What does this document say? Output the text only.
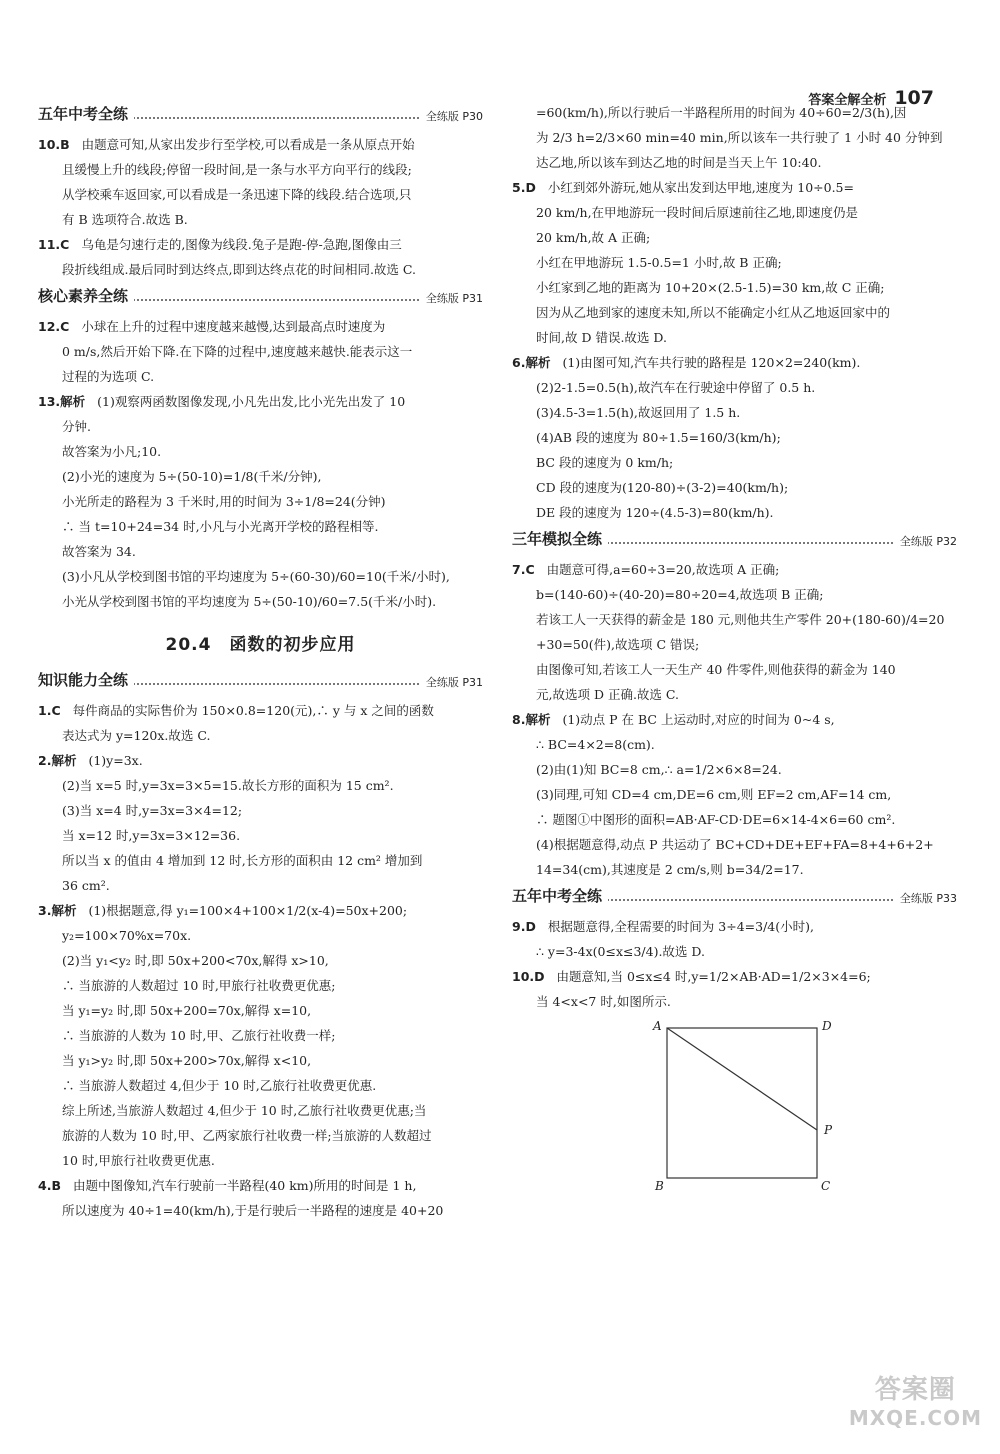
答案全解全析 107
五年中考全练	全练版 P30
10.B 由题意可知,从家出发步行至学校,可以看成是一条从原点开始
且缓慢上升的线段;停留一段时间,是一条与水平方向平行的线段;
从学校乘车返回家,可以看成是一条迅速下降的线段.结合选项,只
有 B 选项符合.故选 B.
11.C 乌龟是匀速行走的,图像为线段.兔子是跑-停-急跑,图像由三
段折线组成.最后同时到达终点,即到达终点花的时间相同.故选 C.
核心素养全练	全练版 P31
12.C 小球在上升的过程中速度越来越慢,达到最高点时速度为
0 m/s,然后开始下降.在下降的过程中,速度越来越快.能表示这一
过程的为选项 C.
13.解析 (1)观察两函数图像发现,小凡先出发,比小光先出发了 10
分钟.
故答案为小凡;10.
(2)小光的速度为 5÷(50-10)=1/8(千米/分钟),
小光所走的路程为 3 千米时,用的时间为 3÷1/8=24(分钟)
∴ 当 t=10+24=34 时,小凡与小光离开学校的路程相等.
故答案为 34.
(3)小凡从学校到图书馆的平均速度为 5÷(60-30)/60=10(千米/小时),
小光从学校到图书馆的平均速度为 5÷(50-10)/60=7.5(千米/小时).
20.4　函数的初步应用
知识能力全练	全练版 P31
1.C 每件商品的实际售价为 150×0.8=120(元),∴ y 与 x 之间的函数
表达式为 y=120x.故选 C.
2.解析 (1)y=3x.
(2)当 x=5 时,y=3x=3×5=15.故长方形的面积为 15 cm².
(3)当 x=4 时,y=3x=3×4=12;
当 x=12 时,y=3x=3×12=36.
所以当 x 的值由 4 增加到 12 时,长方形的面积由 12 cm² 增加到
36 cm².
3.解析 (1)根据题意,得 y₁=100×4+100×1/2(x-4)=50x+200;
y₂=100×70%x=70x.
(2)当 y₁<y₂ 时,即 50x+200<70x,解得 x>10,
∴ 当旅游的人数超过 10 时,甲旅行社收费更优惠;
当 y₁=y₂ 时,即 50x+200=70x,解得 x=10,
∴ 当旅游的人数为 10 时,甲、乙旅行社收费一样;
当 y₁>y₂ 时,即 50x+200>70x,解得 x<10,
∴ 当旅游人数超过 4,但少于 10 时,乙旅行社收费更优惠.
综上所述,当旅游人数超过 4,但少于 10 时,乙旅行社收费更优惠;当
旅游的人数为 10 时,甲、乙两家旅行社收费一样;当旅游的人数超过
10 时,甲旅行社收费更优惠.
4.B 由题中图像知,汽车行驶前一半路程(40 km)所用的时间是 1 h,
所以速度为 40÷1=40(km/h),于是行驶后一半路程的速度是 40+20
=60(km/h),所以行驶后一半路程所用的时间为 40÷60=2/3(h),因
为 2/3 h=2/3×60 min=40 min,所以该车一共行驶了 1 小时 40 分钟到
达乙地,所以该车到达乙地的时间是当天上午 10:40.
5.D 小红到郊外游玩,她从家出发到达甲地,速度为 10÷0.5=
20 km/h,在甲地游玩一段时间后原速前往乙地,即速度仍是
20 km/h,故 A 正确;
小红在甲地游玩 1.5-0.5=1 小时,故 B 正确;
小红家到乙地的距离为 10+20×(2.5-1.5)=30 km,故 C 正确;
因为从乙地到家的速度未知,所以不能确定小红从乙地返回家中的
时间,故 D 错误.故选 D.
6.解析 (1)由图可知,汽车共行驶的路程是 120×2=240(km).
(2)2-1.5=0.5(h),故汽车在行驶途中停留了 0.5 h.
(3)4.5-3=1.5(h),故返回用了 1.5 h.
(4)AB 段的速度为 80÷1.5=160/3(km/h);
BC 段的速度为 0 km/h;
CD 段的速度为(120-80)÷(3-2)=40(km/h);
DE 段的速度为 120÷(4.5-3)=80(km/h).
三年模拟全练	全练版 P32
7.C 由题意可得,a=60÷3=20,故选项 A 正确;
b=(140-60)÷(40-20)=80÷20=4,故选项 B 正确;
若该工人一天获得的薪金是 180 元,则他共生产零件 20+(180-60)/4=20
+30=50(件),故选项 C 错误;
由图像可知,若该工人一天生产 40 件零件,则他获得的薪金为 140
元,故选项 D 正确.故选 C.
8.解析 (1)动点 P 在 BC 上运动时,对应的时间为 0~4 s,
∴ BC=4×2=8(cm).
(2)由(1)知 BC=8 cm,∴ a=1/2×6×8=24.
(3)同理,可知 CD=4 cm,DE=6 cm,则 EF=2 cm,AF=14 cm,
∴ 题图①中图形的面积=AB·AF-CD·DE=6×14-4×6=60 cm².
(4)根据题意得,动点 P 共运动了 BC+CD+DE+EF+FA=8+4+6+2+
14=34(cm),其速度是 2 cm/s,则 b=34/2=17.
五年中考全练	全练版 P33
9.D 根据题意得,全程需要的时间为 3÷4=3/4(小时),
∴ y=3-4x(0≤x≤3/4).故选 D.
10.D 由题意知,当 0≤x≤4 时,y=1/2×AB·AD=1/2×3×4=6;
当 4<x<7 时,如图所示.
A	D
P
B	C
答案圈
MXQE.COM
